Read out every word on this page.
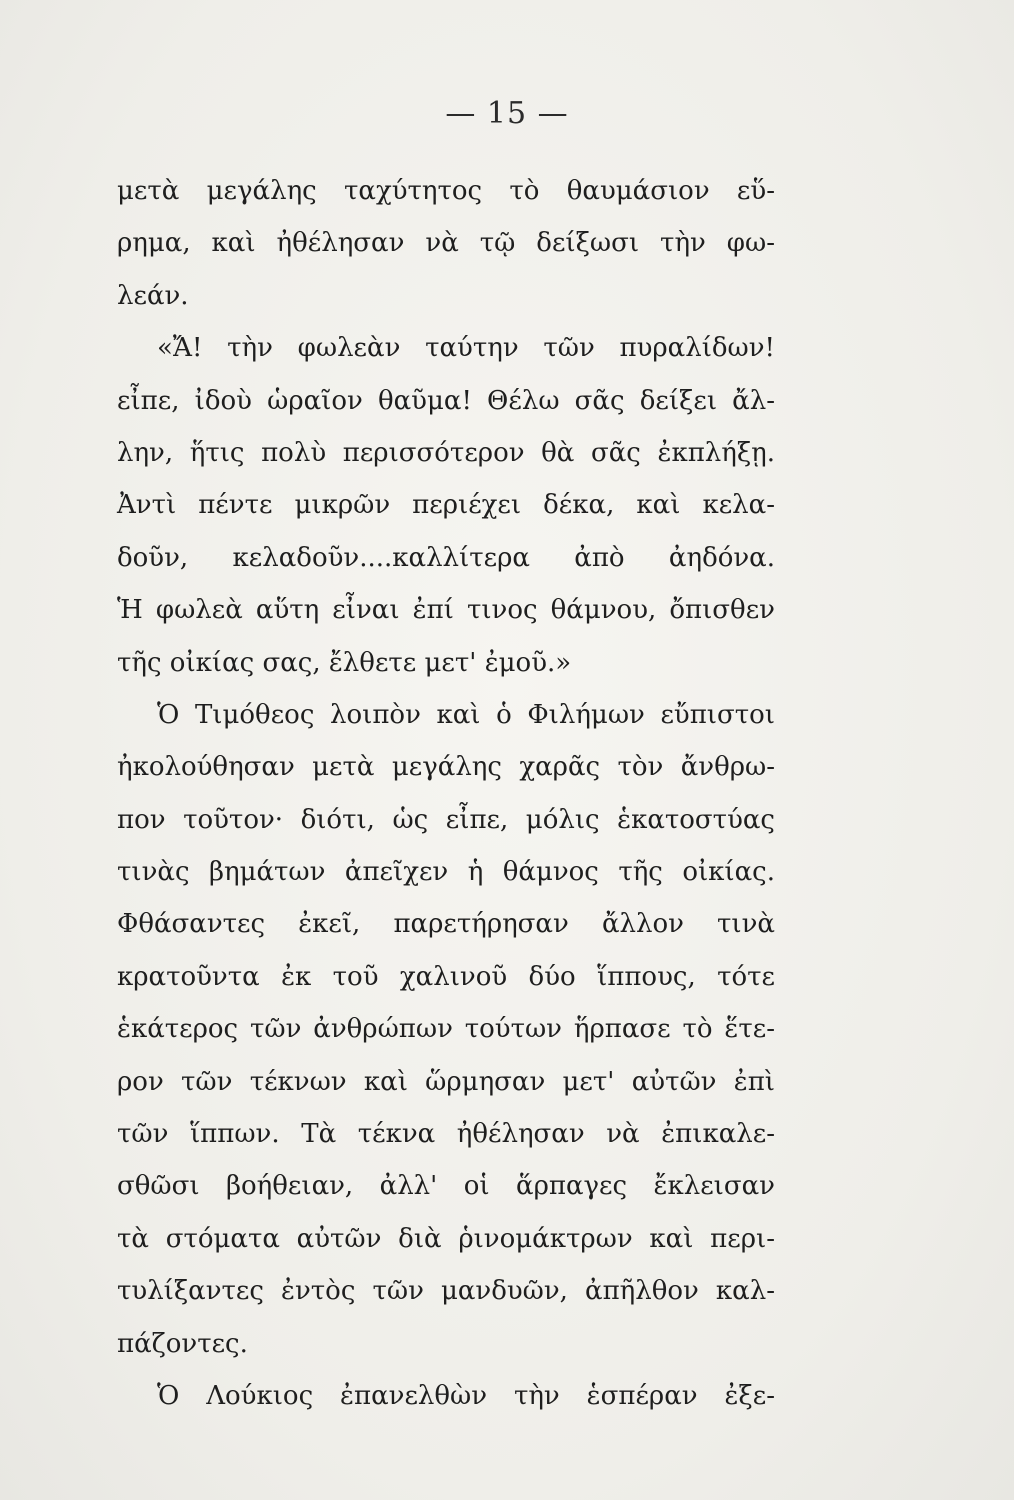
— 15 —
μετὰ μεγάλης ταχύτητος τὸ θαυμάσιον εὕ-
ρημα, καὶ ἠθέλησαν νὰ τῷ δείξωσι τὴν φω-
λεάν.
«Ἄ! τὴν φωλεὰν ταύτην τῶν πυραλίδων!
εἶπε, ἰδοὺ ὡραῖον θαῦμα! Θέλω σᾶς δείξει ἄλ-
λην, ἥτις πολὺ περισσότερον θὰ σᾶς ἐκπλήξῃ.
Ἀντὶ πέντε μικρῶν περιέχει δέκα, καὶ κελα-
δοῦν, κελαδοῦν....καλλίτερα ἀπὸ ἀηδόνα.
Ἡ φωλεὰ αὕτη εἶναι ἐπί τινος θάμνου, ὄπισθεν
τῆς οἰκίας σας, ἔλθετε μετ' ἐμοῦ.»
Ὁ Τιμόθεος λοιπὸν καὶ ὁ Φιλήμων εὔπιστοι
ἠκολούθησαν μετὰ μεγάλης χαρᾶς τὸν ἄνθρω-
πον τοῦτον· διότι, ὡς εἶπε, μόλις ἑκατοστύας
τινὰς βημάτων ἀπεῖχεν ἡ θάμνος τῆς οἰκίας.
Φθάσαντες ἐκεῖ, παρετήρησαν ἄλλον τινὰ
κρατοῦντα ἐκ τοῦ χαλινοῦ δύο ἵππους, τότε
ἑκάτερος τῶν ἀνθρώπων τούτων ἥρπασε τὸ ἕτε-
ρον τῶν τέκνων καὶ ὥρμησαν μετ' αὐτῶν ἐπὶ
τῶν ἵππων. Τὰ τέκνα ἠθέλησαν νὰ ἐπικαλε-
σθῶσι βοήθειαν, ἀλλ' οἱ ἅρπαγες ἔκλεισαν
τὰ στόματα αὐτῶν διὰ ῥινομάκτρων καὶ περι-
τυλίξαντες ἐντὸς τῶν μανδυῶν, ἀπῆλθον καλ-
πάζοντες.
Ὁ Λούκιος ἐπανελθὼν τὴν ἑσπέραν ἐξε-
